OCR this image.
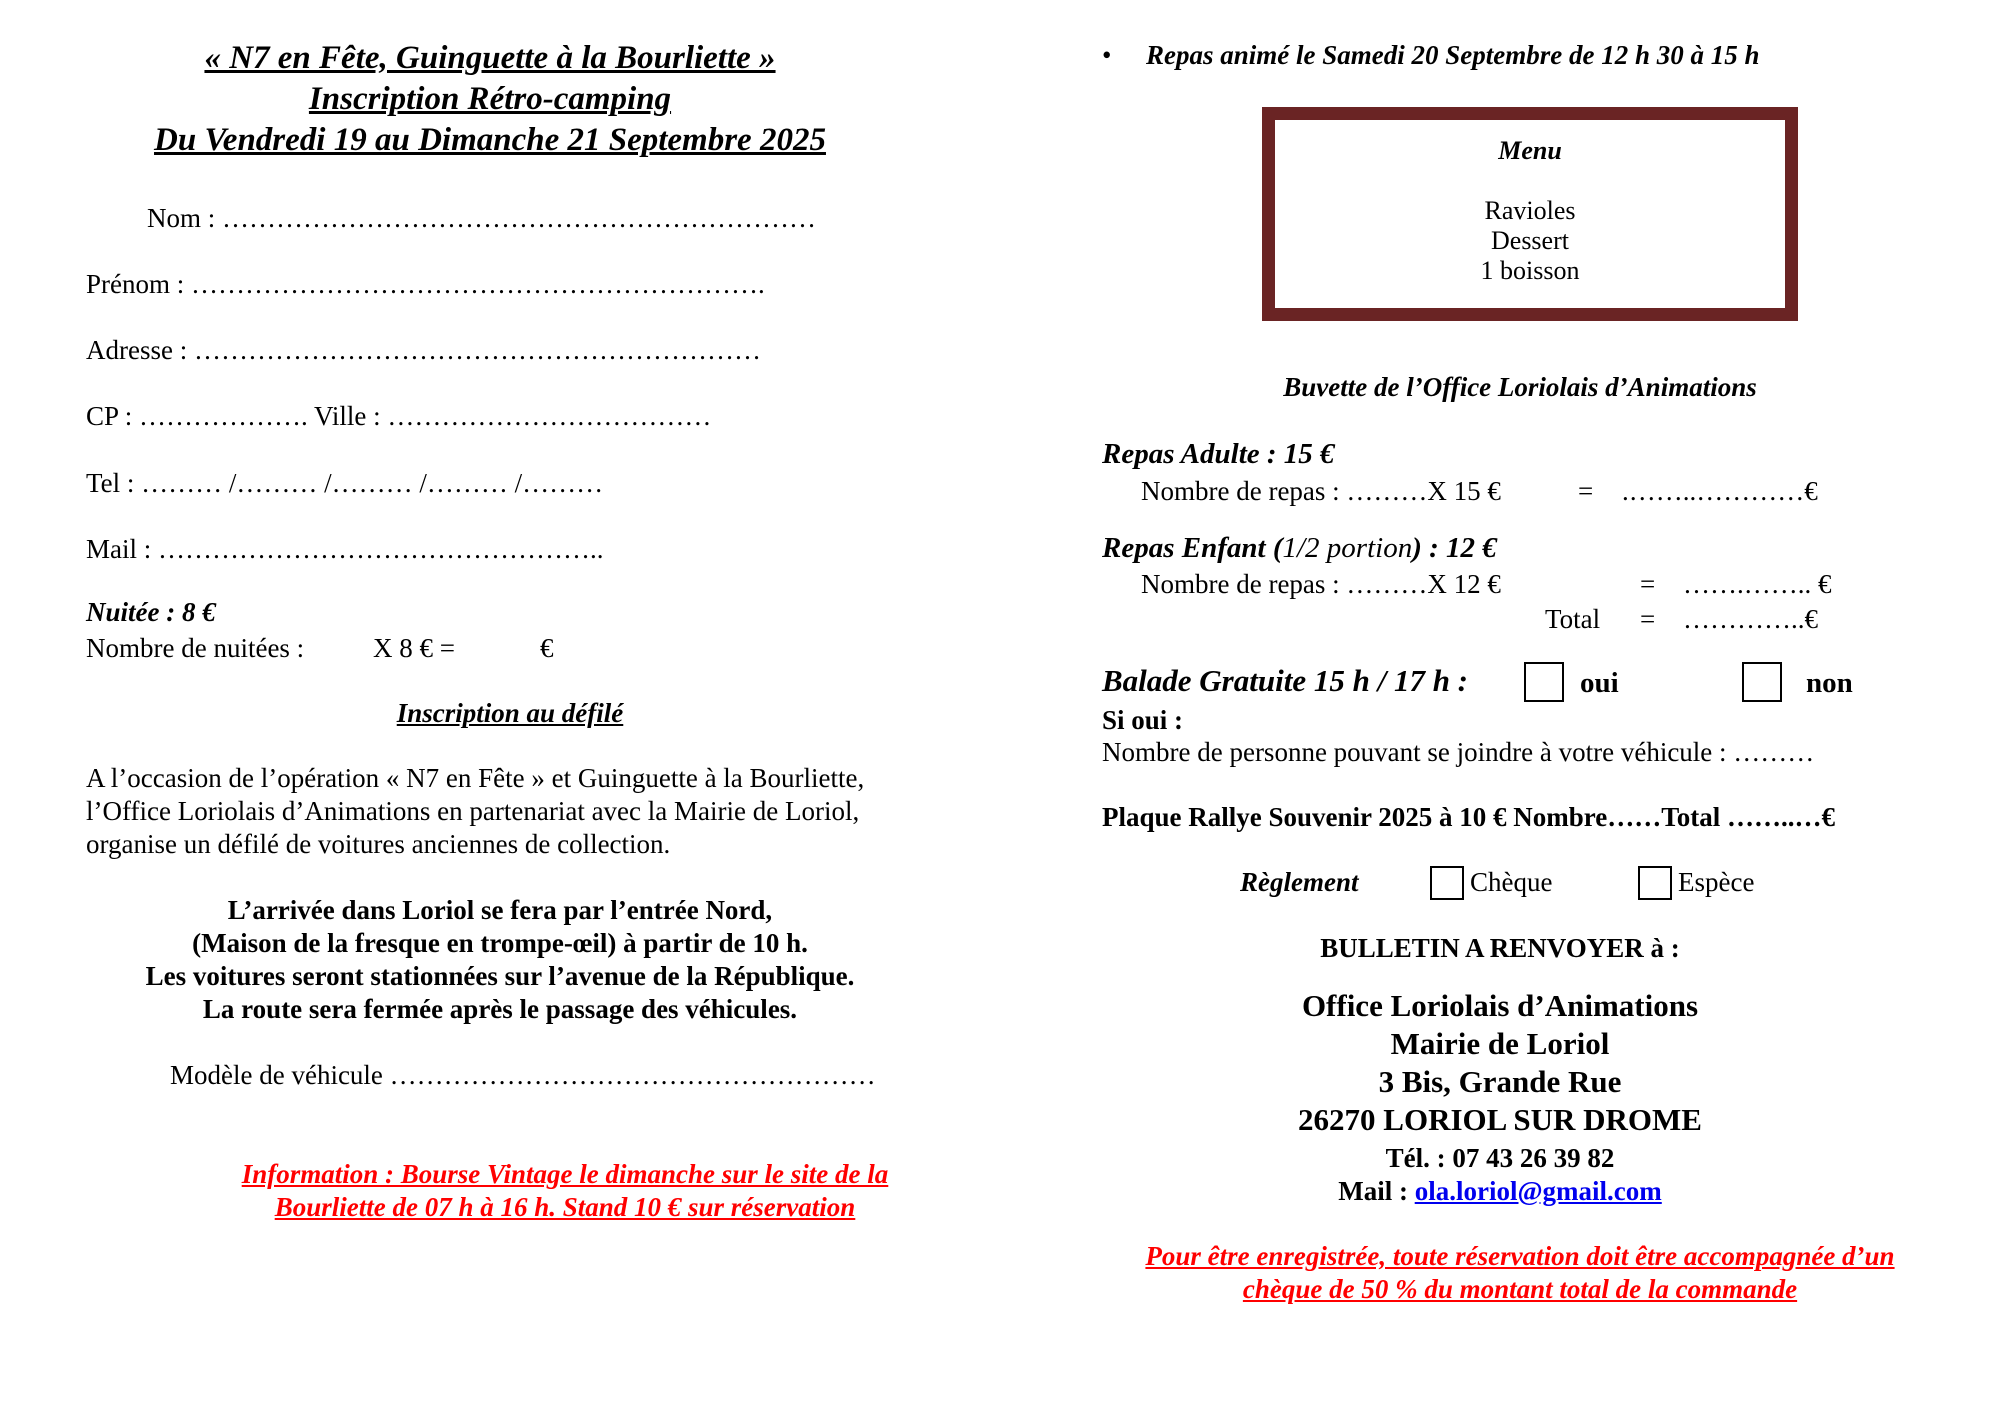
« N7 en Fête, Guinguette à la Bourliette »
Inscription Rétro-camping
Du Vendredi 19 au Dimanche 21 Septembre 2025
Nom : …………………………………………………………
Prénom : ……………………………………………………….
Adresse : ………………………………………………………
CP : ………………. Ville : ………………………………
Tel : ……… /……… /……… /……… /………
Mail : …………………………………………..
Nuitée : 8 €
Nombre de nuitées :	X 8 € =	€
Inscription au défilé
A l’occasion de l’opération « N7 en Fête » et Guinguette à la Bourliette,
l’Office Loriolais d’Animations en partenariat avec la Mairie de Loriol,
organise un défilé de voitures anciennes de collection.
L’arrivée dans Loriol se fera par l’entrée Nord,
(Maison de la fresque en trompe-œil) à partir de 10 h.
Les voitures seront stationnées sur l’avenue de la République.
La route sera fermée après le passage des véhicules.
Modèle de véhicule ………………………………………………
Information : Bourse Vintage le dimanche sur le site de la
Bourliette de 07 h à 16 h. Stand 10 € sur réservation
• Repas animé le Samedi 20 Septembre de 12 h 30 à 15 h
Menu
Ravioles
Dessert
1 boisson
Buvette de l’Office Loriolais d’Animations
Repas Adulte : 15 €
Nombre de repas : ………X 15 €	= .……..…………€
Repas Enfant (1/2 portion) : 12 €
Nombre de repas : ………X 12 €	= …….…….. €
Total = …………..€
Balade Gratuite 15 h / 17 h :	oui	non
Si oui :
Nombre de personne pouvant se joindre à votre véhicule : ………
Plaque Rallye Souvenir 2025 à 10 € Nombre……Total ……..…€
Règlement	Chèque	Espèce
BULLETIN A RENVOYER à :
Office Loriolais d’Animations
Mairie de Loriol
3 Bis, Grande Rue
26270 LORIOL SUR DROME
Tél. : 07 43 26 39 82
Mail : ola.loriol@gmail.com
Pour être enregistrée, toute réservation doit être accompagnée d’un
chèque de 50 % du montant total de la commande
